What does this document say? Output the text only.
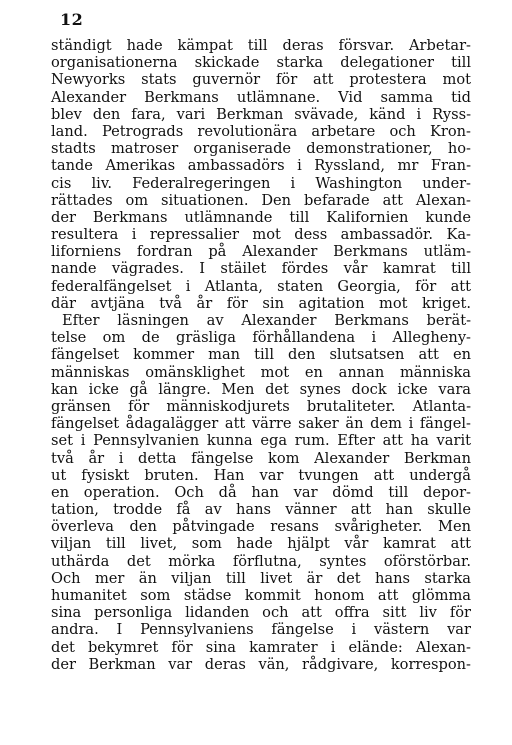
12
ständigt hade kämpat till deras försvar. Arbetar-
organisationerna skickade starka delegationer till
Newyorks stats guvernör för att protestera mot
Alexander Berkmans utlämnane. Vid samma tid
blev den fara, vari Berkman svävade, känd i Ryss-
land. Petrograds revolutionära arbetare och Kron-
stadts matroser organiserade demonstrationer, ho-
tande Amerikas ambassadörs i Ryssland, mr Fran-
cis liv. Federalregeringen i Washington under-
rättades om situationen. Den befarade att Alexan-
der Berkmans utlämnande till Kalifornien kunde
resultera i repressalier mot dess ambassadör. Ka-
liforniens fordran på Alexander Berkmans utläm-
nande vägrades. I stäilet fördes vår kamrat till
federalfängelset i Atlanta, staten Georgia, för att
där avtjäna två år för sin agitation mot kriget.
Efter läsningen av Alexander Berkmans berät-
telse om de gräsliga förhållandena i Allegheny-
fängelset kommer man till den slutsatsen att en
människas omänsklighet mot en annan människa
kan icke gå längre. Men det synes dock icke vara
gränsen för människodjurets brutaliteter. Atlanta-
fängelset ådagalägger att värre saker än dem i fängel-
set i Pennsylvanien kunna ega rum. Efter att ha varit
två år i detta fängelse kom Alexander Berkman
ut fysiskt bruten. Han var tvungen att undergå
en operation. Och då han var dömd till depor-
tation, trodde få av hans vänner att han skulle
överleva den påtvingade resans svårigheter. Men
viljan till livet, som hade hjälpt vår kamrat att
uthärda det mörka förflutna, syntes oförstörbar.
Och mer än viljan till livet är det hans starka
humanitet som städse kommit honom att glömma
sina personliga lidanden och att offra sitt liv för
andra. I Pennsylvaniens fängelse i västern var
det bekymret för sina kamrater i elände: Alexan-
der Berkman var deras vän, rådgivare, korrespon-
